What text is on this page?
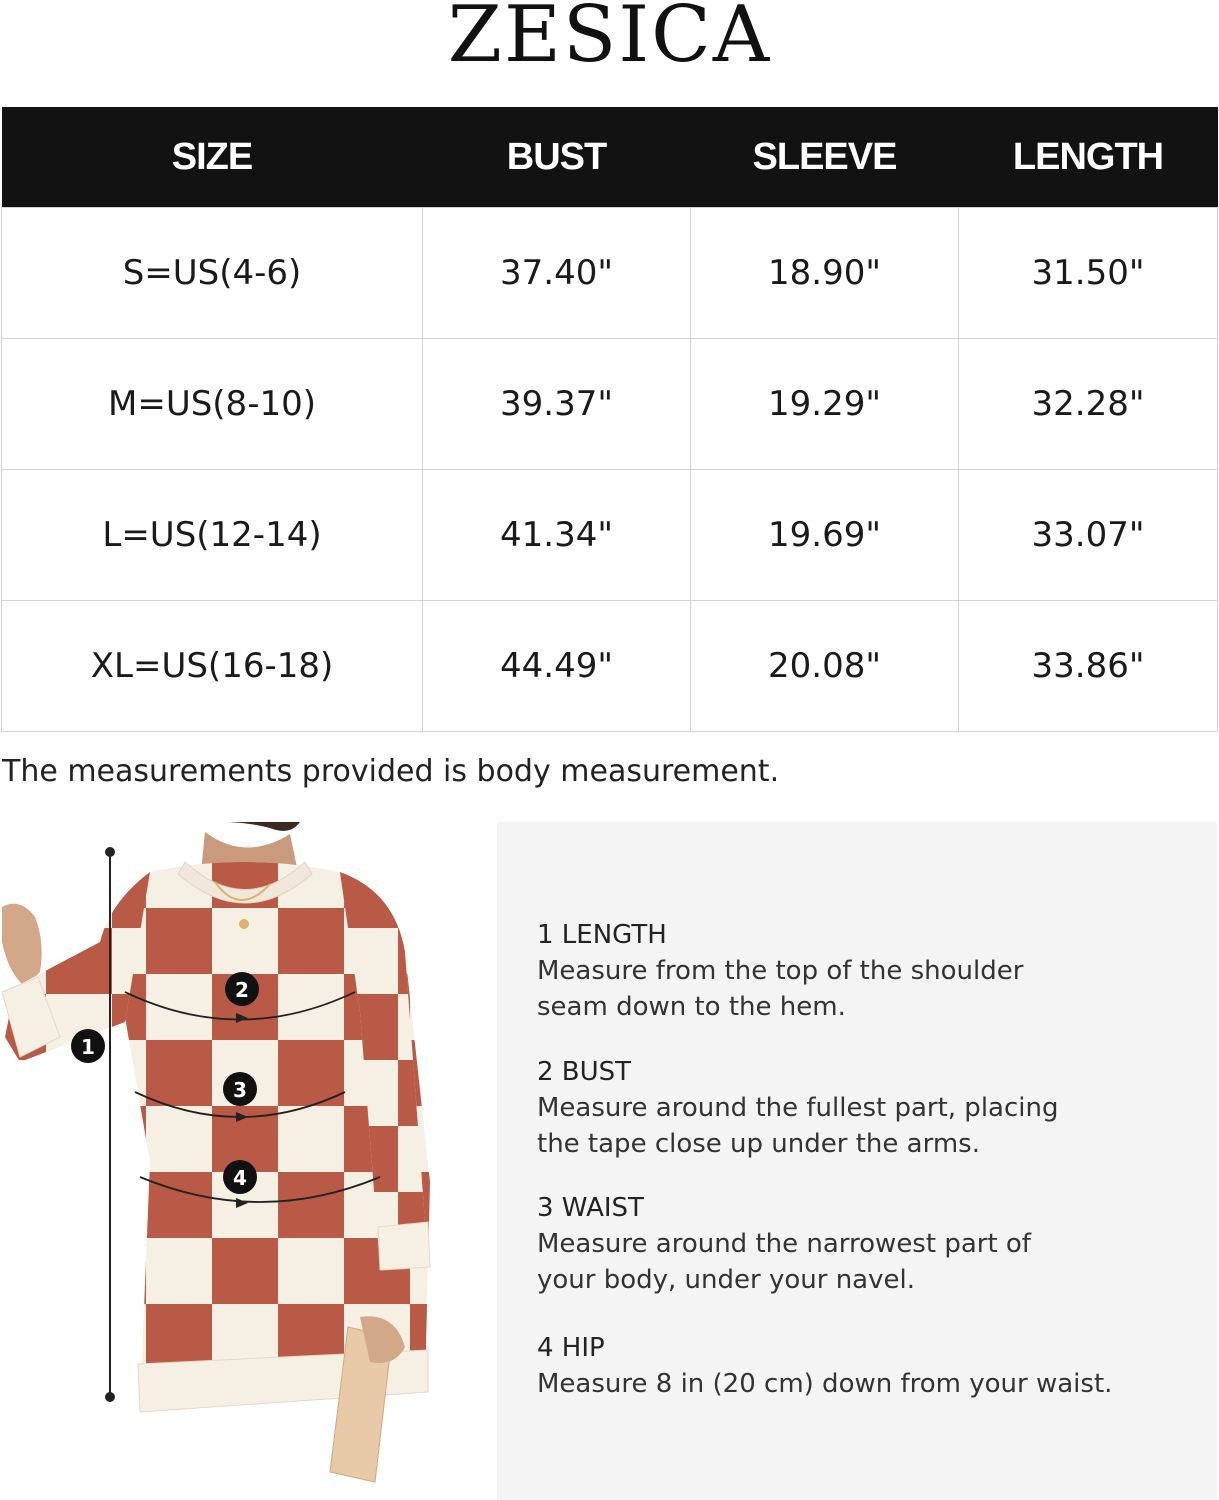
ZESICA
SIZE	BUST	SLEEVE	LENGTH
S=US(4-6)	37.40"	18.90"	31.50"
M=US(8-10)	39.37"	19.29"	32.28"
L=US(12-14)	41.34"	19.69"	33.07"
XL=US(16-18)	44.49"	20.08"	33.86"
The measurements provided is body measurement.
1
2
3
4
1 LENGTH
Measure from the top of the shoulder
seam down to the hem.
2 BUST
Measure around the fullest part, placing
the tape close up under the arms.
3 WAIST
Measure around the narrowest part of
your body, under your navel.
4 HIP
Measure 8 in (20 cm) down from your waist.
